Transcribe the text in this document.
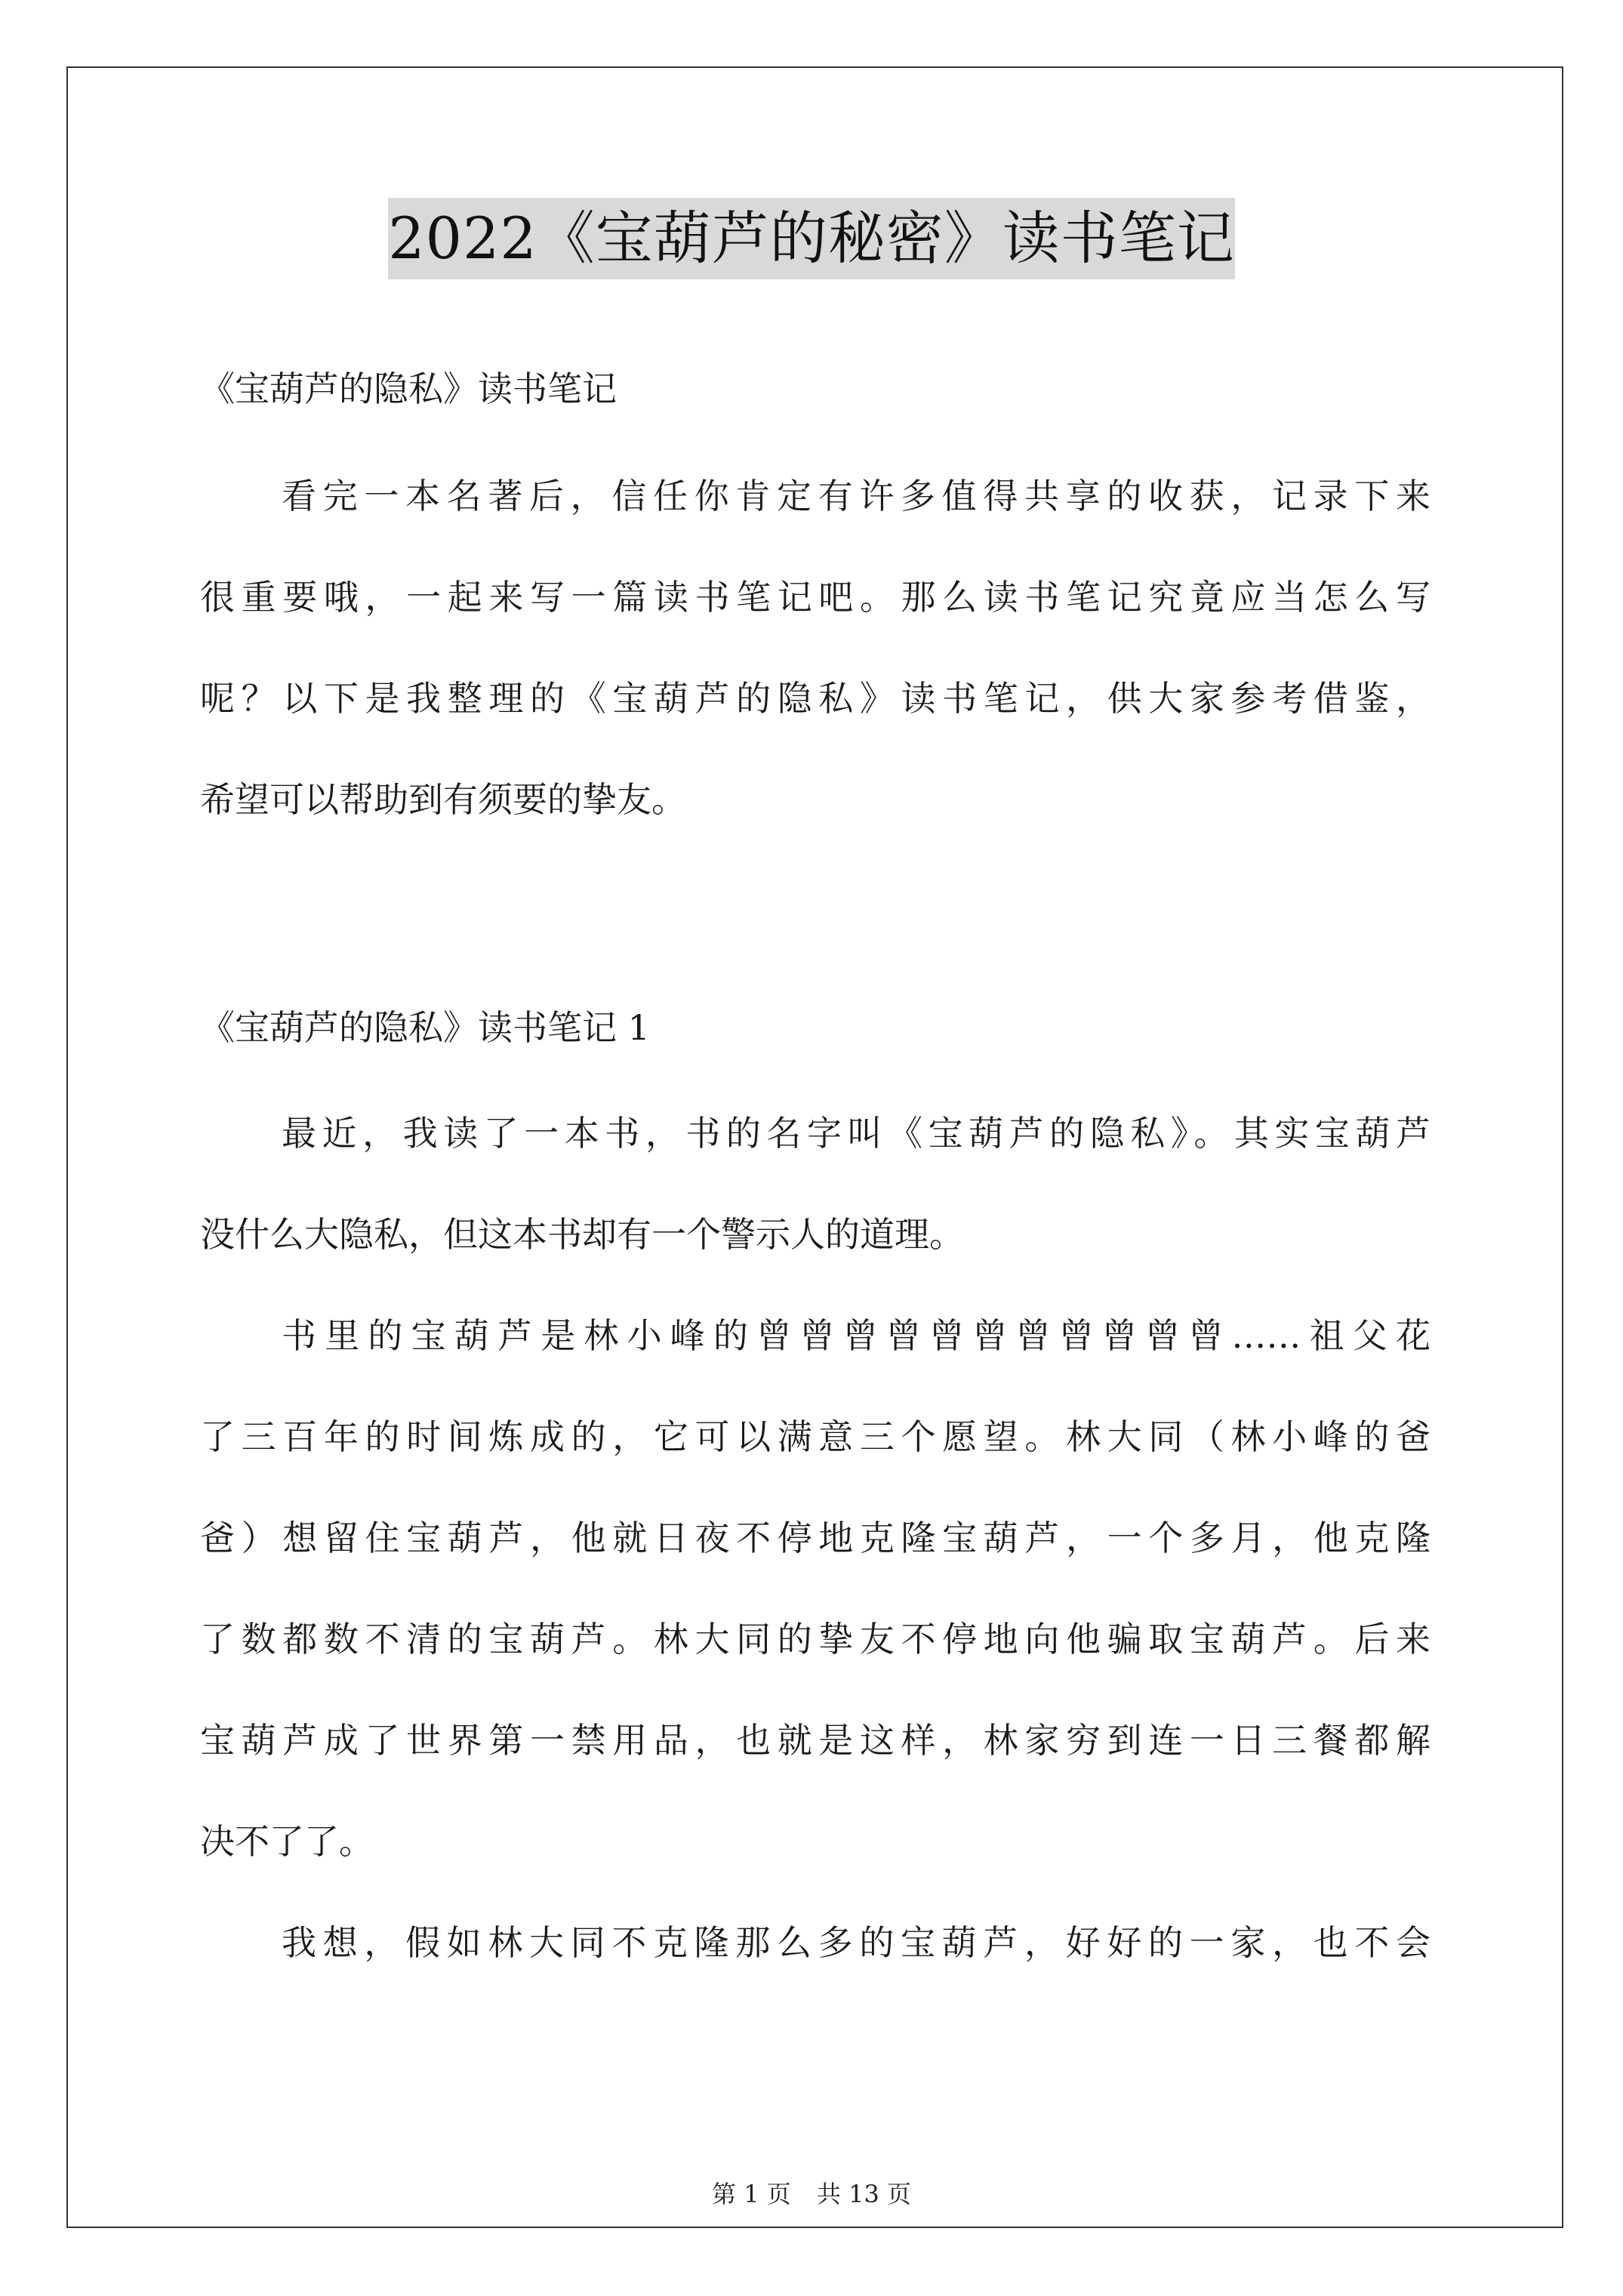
2022《宝葫芦的秘密》读书笔记

《宝葫芦的隐私》读书笔记

看完一本名著后，信任你肯定有许多值得共享的收获，记录下来
很重要哦，一起来写一篇读书笔记吧。那么读书笔记究竟应当怎么写
呢？以下是我整理的《宝葫芦的隐私》读书笔记，供大家参考借鉴，
希望可以帮助到有须要的挚友。

《宝葫芦的隐私》读书笔记 1

最近，我读了一本书，书的名字叫《宝葫芦的隐私》。其实宝葫芦
没什么大隐私，但这本书却有一个警示人的道理。
书里的宝葫芦是林小峰的曾曾曾曾曾曾曾曾曾曾曾……祖父花
了三百年的时间炼成的，它可以满意三个愿望。林大同（林小峰的爸
爸）想留住宝葫芦，他就日夜不停地克隆宝葫芦，一个多月，他克隆
了数都数不清的宝葫芦。林大同的挚友不停地向他骗取宝葫芦。后来
宝葫芦成了世界第一禁用品，也就是这样，林家穷到连一日三餐都解
决不了了。
我想，假如林大同不克隆那么多的宝葫芦，好好的一家，也不会
第 1 页 共 13 页
